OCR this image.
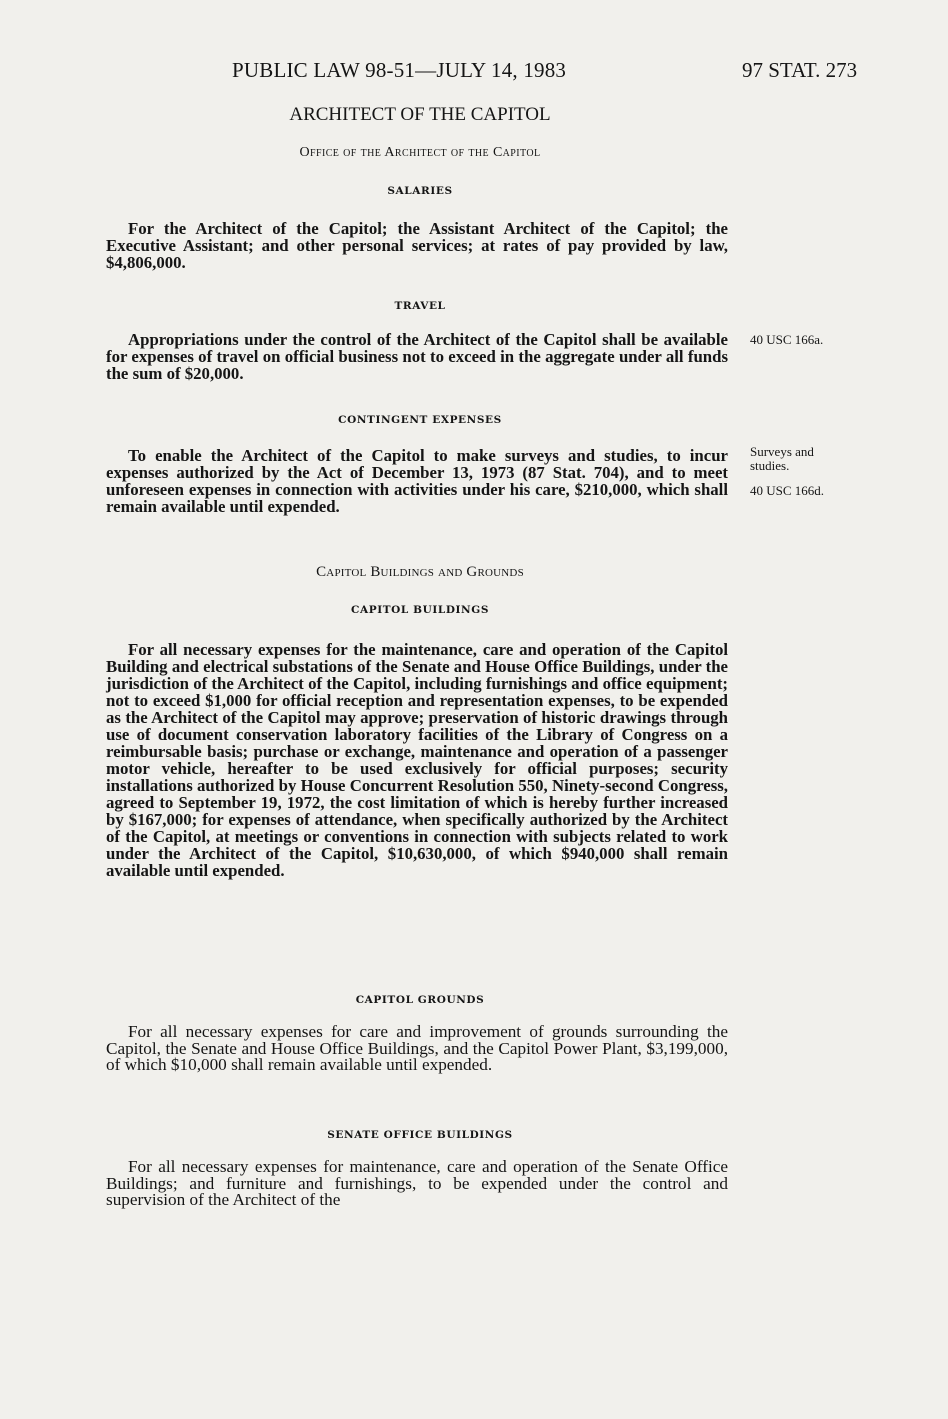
PUBLIC LAW 98-51—JULY 14, 1983	97 STAT. 273
ARCHITECT OF THE CAPITOL
Office of the Architect of the Capitol
SALARIES

For the Architect of the Capitol; the Assistant Architect of the Capitol; the Executive Assistant; and other personal services; at rates of pay provided by law, $4,806,000.

TRAVEL

Appropriations under the control of the Architect of the Capitol shall be available for expenses of travel on official business not to exceed in the aggregate under all funds the sum of $20,000.

40 USC 166a.
CONTINGENT EXPENSES

To enable the Architect of the Capitol to make surveys and studies, to incur expenses authorized by the Act of December 13, 1973 (87 Stat. 704), and to meet unforeseen expenses in connection with activities under his care, $210,000, which shall remain available until expended.

Surveys and studies.
40 USC 166d.
Capitol Buildings and Grounds
CAPITOL BUILDINGS

For all necessary expenses for the maintenance, care and operation of the Capitol Building and electrical substations of the Senate and House Office Buildings, under the jurisdiction of the Architect of the Capitol, including furnishings and office equipment; not to exceed $1,000 for official reception and representation expenses, to be expended as the Architect of the Capitol may approve; preservation of historic drawings through use of document conservation laboratory facilities of the Library of Congress on a reimbursable basis; purchase or exchange, maintenance and operation of a passenger motor vehicle, hereafter to be used exclusively for official purposes; security installations authorized by House Concurrent Resolution 550, Ninety-second Congress, agreed to September 19, 1972, the cost limitation of which is hereby further increased by $167,000; for expenses of attendance, when specifically authorized by the Architect of the Capitol, at meetings or conventions in connection with subjects related to work under the Architect of the Capitol, $10,630,000, of which $940,000 shall remain available until expended.

CAPITOL GROUNDS

For all necessary expenses for care and improvement of grounds surrounding the Capitol, the Senate and House Office Buildings, and the Capitol Power Plant, $3,199,000, of which $10,000 shall remain available until expended.

SENATE OFFICE BUILDINGS

For all necessary expenses for maintenance, care and operation of the Senate Office Buildings; and furniture and furnishings, to be expended under the control and supervision of the Architect of the
